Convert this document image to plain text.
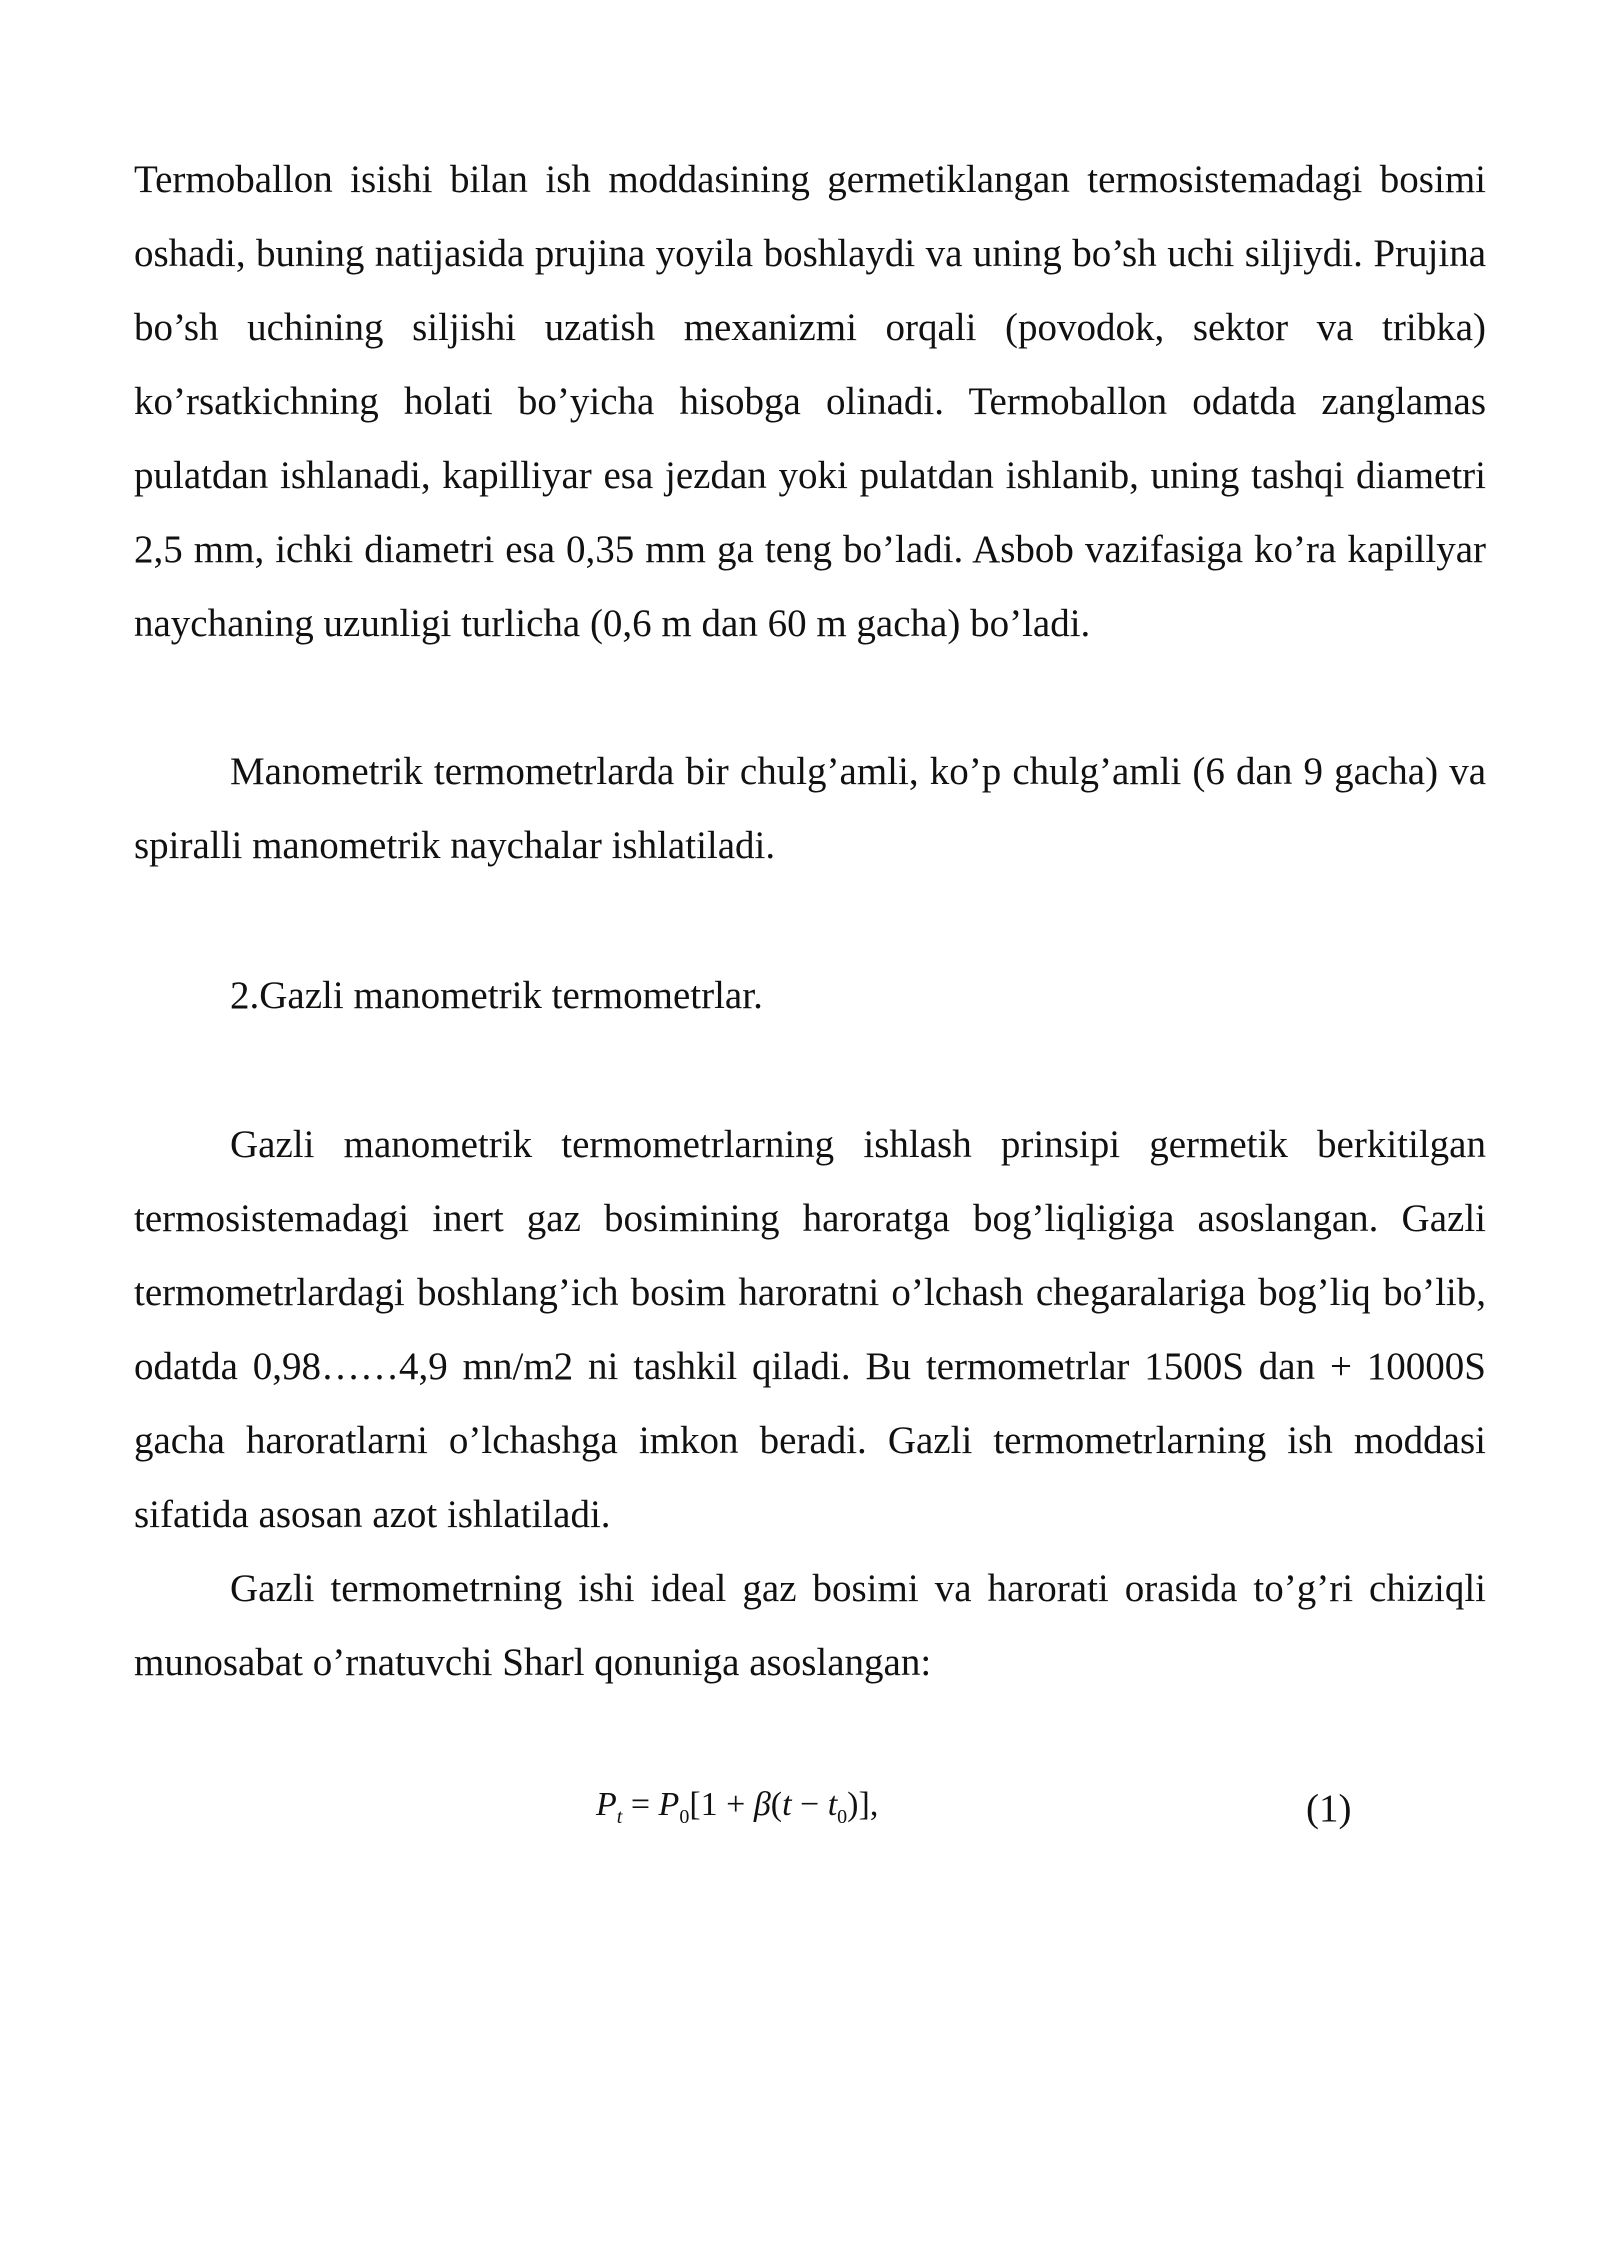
Termoballon isishi bilan ish moddasining germetiklangan termosistemadagi bosimi oshadi, buning natijasida prujina yoyila boshlaydi va uning bo’sh uchi siljiydi. Prujina bo’sh uchining siljishi uzatish mexanizmi orqali (povodok, sektor va tribka) ko’rsatkichning holati bo’yicha hisobga olinadi. Termoballon odatda zanglamas pulatdan ishlanadi, kapilliyar esa jezdan yoki pulatdan ishlanib, uning tashqi diametri 2,5 mm, ichki diametri esa 0,35 mm ga teng bo’ladi. Asbob vazifasiga ko’ra kapillyar naychaning uzunligi turlicha (0,6 m dan 60 m gacha) bo’ladi.

Manometrik termometrlarda bir chulg’amli, ko’p chulg’amli (6 dan 9 gacha) va spiralli manometrik naychalar ishlatiladi.

2.Gazli manometrik termometrlar.

Gazli manometrik termometrlarning ishlash prinsipi germetik berkitilgan termosistemadagi inert gaz bosimining haroratga bog’liqligiga asoslangan. Gazli termometrlardagi boshlang’ich bosim haroratni o’lchash chegaralariga bog’liq bo’lib, odatda 0,98……4,9 mn/m2 ni tashkil qiladi. Bu termometrlar 1500S dan + 10000S gacha haroratlarni o’lchashga imkon beradi. Gazli termometrlarning ish moddasi sifatida asosan azot ishlatiladi.

Gazli termometrning ishi ideal gaz bosimi va harorati orasida to’g’ri chiziqli munosabat o’rnatuvchi Sharl qonuniga asoslangan:

$P_t = P_0[1 + \beta(t - t_0)]$,	(1)
